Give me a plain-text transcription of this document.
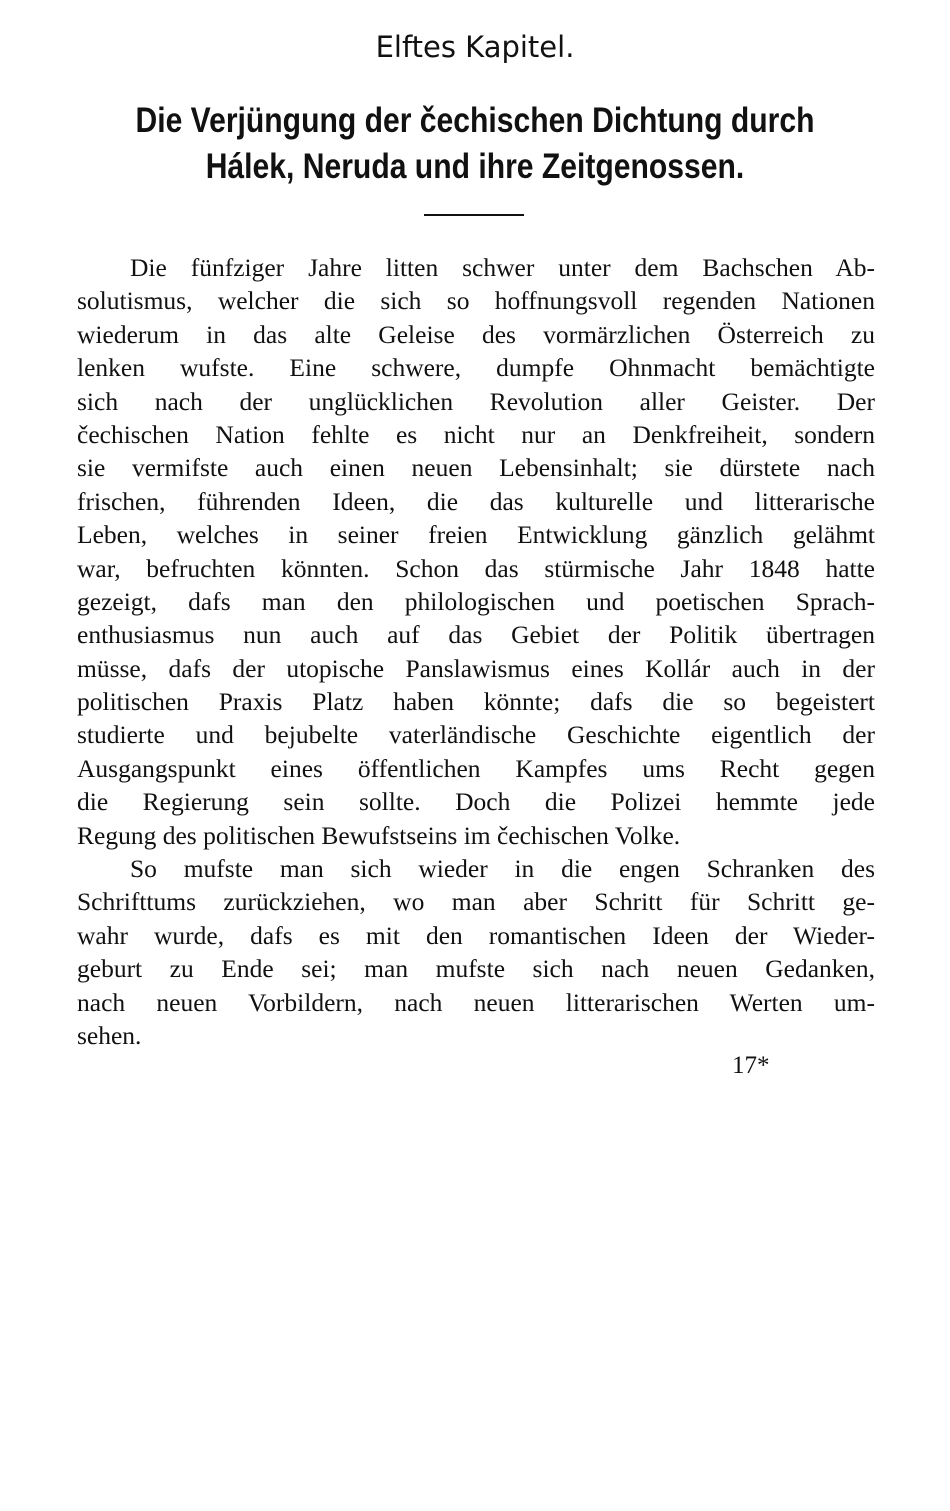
Elftes Kapitel.
Die Verjüngung der čechischen Dichtung durch
Hálek, Neruda und ihre Zeitgenossen.
Die fünfziger Jahre litten schwer unter dem Bachschen Ab-
solutismus, welcher die sich so hoffnungsvoll regenden Nationen
wiederum in das alte Geleise des vormärzlichen Österreich zu
lenken wufste. Eine schwere, dumpfe Ohnmacht bemächtigte
sich nach der unglücklichen Revolution aller Geister. Der
čechischen Nation fehlte es nicht nur an Denkfreiheit, sondern
sie vermifste auch einen neuen Lebensinhalt; sie dürstete nach
frischen, führenden Ideen, die das kulturelle und litterarische
Leben, welches in seiner freien Entwicklung gänzlich gelähmt
war, befruchten könnten. Schon das stürmische Jahr 1848 hatte
gezeigt, dafs man den philologischen und poetischen Sprach-
enthusiasmus nun auch auf das Gebiet der Politik übertragen
müsse, dafs der utopische Panslawismus eines Kollár auch in der
politischen Praxis Platz haben könnte; dafs die so begeistert
studierte und bejubelte vaterländische Geschichte eigentlich der
Ausgangspunkt eines öffentlichen Kampfes ums Recht gegen
die Regierung sein sollte. Doch die Polizei hemmte jede
Regung des politischen Bewufstseins im čechischen Volke.
So mufste man sich wieder in die engen Schranken des
Schrifttums zurückziehen, wo man aber Schritt für Schritt ge-
wahr wurde, dafs es mit den romantischen Ideen der Wieder-
geburt zu Ende sei; man mufste sich nach neuen Gedanken,
nach neuen Vorbildern, nach neuen litterarischen Werten um-
sehen.
17*
